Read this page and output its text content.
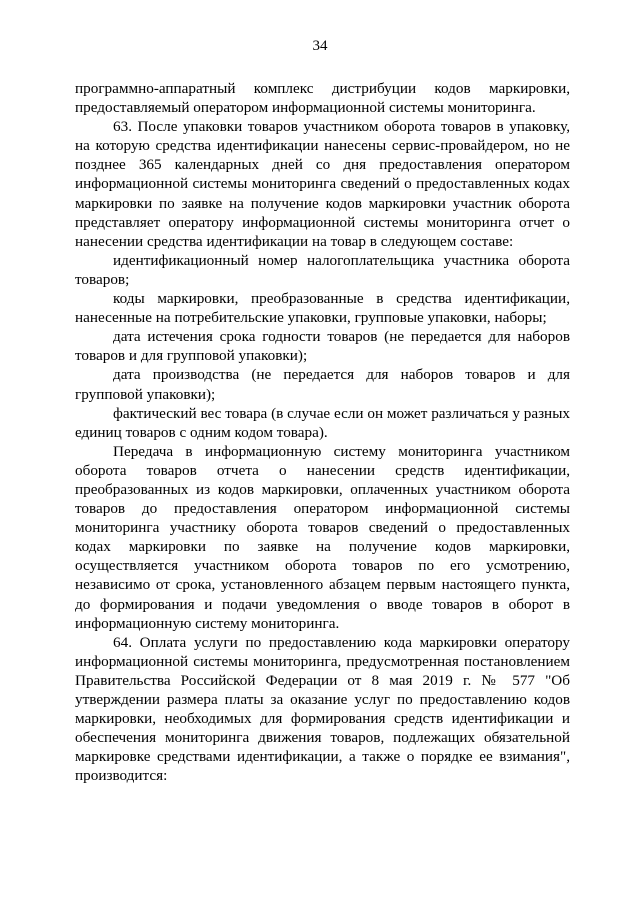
34

программно-аппаратный комплекс дистрибуции кодов маркировки, предоставляемый оператором информационной системы мониторинга.

63. После упаковки товаров участником оборота товаров в упаковку, на которую средства идентификации нанесены сервис-провайдером, но не позднее 365 календарных дней со дня предоставления оператором информационной системы мониторинга сведений о предоставленных кодах маркировки по заявке на получение кодов маркировки участник оборота представляет оператору информационной системы мониторинга отчет о нанесении средства идентификации на товар в следующем составе:

идентификационный номер налогоплательщика участника оборота товаров;

коды маркировки, преобразованные в средства идентификации, нанесенные на потребительские упаковки, групповые упаковки, наборы;

дата истечения срока годности товаров (не передается для наборов товаров и для групповой упаковки);

дата производства (не передается для наборов товаров и для групповой упаковки);

фактический вес товара (в случае если он может различаться у разных единиц товаров с одним кодом товара).

Передача в информационную систему мониторинга участником оборота товаров отчета о нанесении средств идентификации, преобразованных из кодов маркировки, оплаченных участником оборота товаров до предоставления оператором информационной системы мониторинга участнику оборота товаров сведений о предоставленных кодах маркировки по заявке на получение кодов маркировки, осуществляется участником оборота товаров по его усмотрению, независимо от срока, установленного абзацем первым настоящего пункта, до формирования и подачи уведомления о вводе товаров в оборот в информационную систему мониторинга.

64. Оплата услуги по предоставлению кода маркировки оператору информационной системы мониторинга, предусмотренная постановлением Правительства Российской Федерации от 8 мая 2019 г. № 577 "Об утверждении размера платы за оказание услуг по предоставлению кодов маркировки, необходимых для формирования средств идентификации и обеспечения мониторинга движения товаров, подлежащих обязательной маркировке средствами идентификации, а также о порядке ее взимания", производится:
